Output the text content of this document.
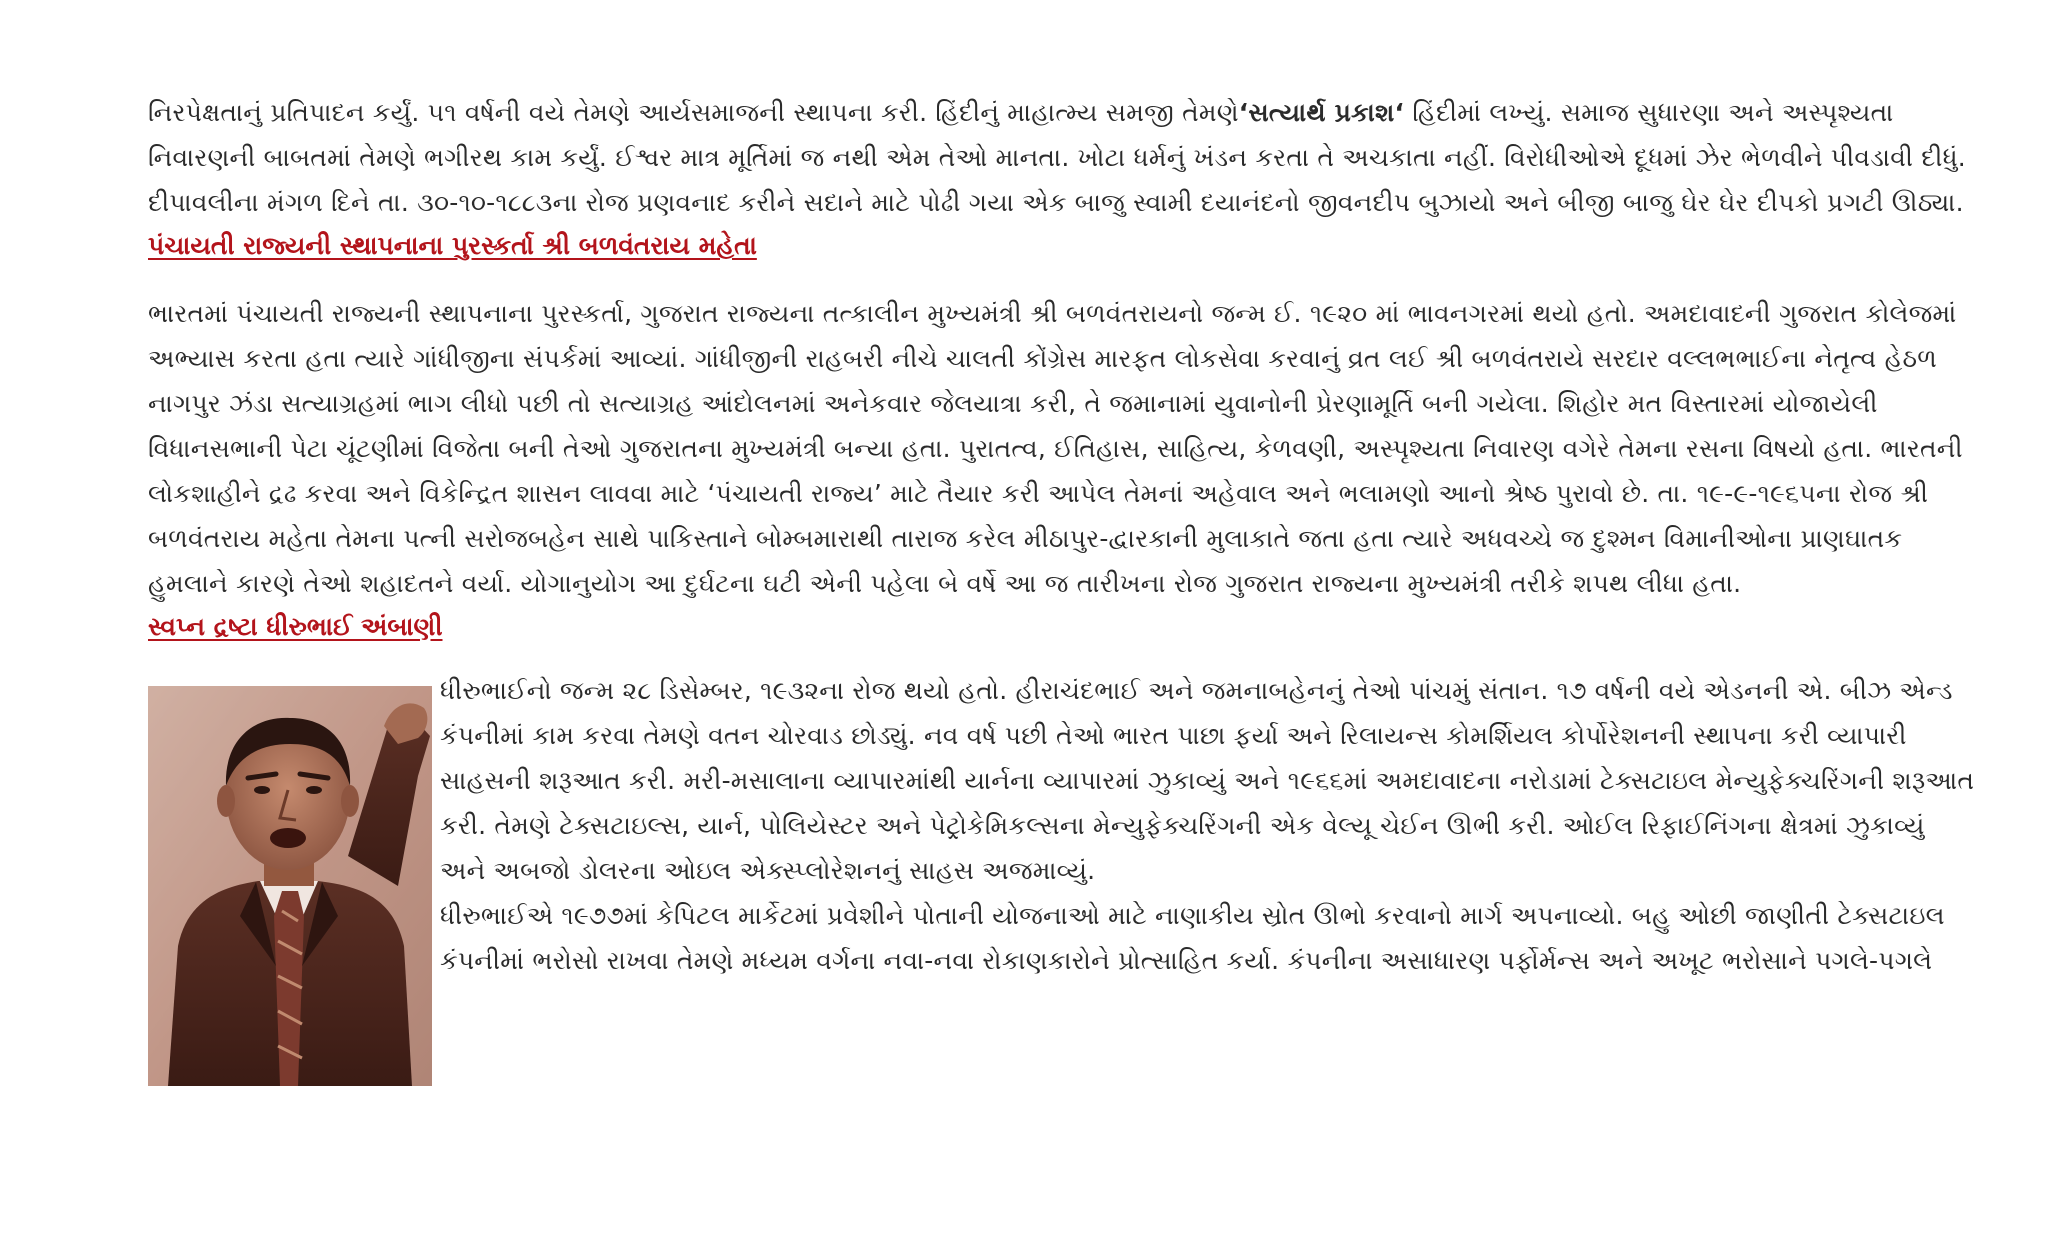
નિરપેક્ષતાનું પ્રતિપાદન કર્યું. ૫૧ વર્ષની વયે તેમણે આર્યસમાજની સ્થાપના કરી. હિંદીનું માહાત્મ્ય સમજી તેમણે‘સત્યાર્થ પ્રકાશ‘ હિંદીમાં લખ્યું. સમાજ સુધારણા અને અસ્પૃશ્યતા નિવારણની બાબતમાં તેમણે ભગીરથ કામ કર્યું. ઈશ્વર માત્ર મૂર્તિમાં જ નથી એમ તેઓ માનતા. ખોટા ધર્મનું ખંડન કરતા તે અચકાતા નહીં. વિરોધીઓએ દૂધમાં ઝેર ભેળવીને પીવડાવી દીધું. દીપાવલીના મંગળ દિને તા. ૩૦-૧૦-૧૮૮૩ના રોજ પ્રણવનાદ કરીને સદાને માટે પોઢી ગયા એક બાજુ સ્વામી દયાનંદનો જીવનદીપ બુઝાયો અને બીજી બાજુ ઘેર ઘેર દીપકો પ્રગટી ઊઠ્યા.

પંચાયતી રાજ્યની સ્થાપનાના પુરસ્કર્તા શ્રી બળવંતરાય મહેતા

ભારતમાં પંચાયતી રાજ્યની સ્થાપનાના પુરસ્કર્તા, ગુજરાત રાજ્યના તત્કાલીન મુખ્યમંત્રી શ્રી બળવંતરાયનો જન્મ ઈ. ૧૯૨૦ માં ભાવનગરમાં થયો હતો. અમદાવાદની ગુજરાત કોલેજમાં અભ્યાસ કરતા હતા ત્યારે ગાંધીજીના સંપર્કમાં આવ્યાં. ગાંધીજીની રાહબરી નીચે ચાલતી કોંગ્રેસ મારફત લોકસેવા કરવાનું વ્રત લઈ શ્રી બળવંતરાયે સરદાર વલ્લભભાઈના નેતૃત્વ હેઠળ નાગપુર ઝંડા સત્યાગ્રહમાં ભાગ લીધો પછી તો સત્યાગ્રહ આંદોલનમાં અનેકવાર જેલયાત્રા કરી, તે જમાનામાં યુવાનોની પ્રેરણામૂર્તિ બની ગયેલા. શિહોર મત વિસ્તારમાં યોજાયેલી વિધાનસભાની પેટા ચૂંટણીમાં વિજેતા બની તેઓ ગુજરાતના મુખ્યમંત્રી બન્યા હતા. પુરાતત્વ, ઈતિહાસ, સાહિત્ય, કેળવણી, અસ્પૃશ્યતા નિવારણ વગેરે તેમના રસના વિષયો હતા. ભારતની લોકશાહીને દ્રઢ કરવા અને વિકેન્દ્રિત શાસન લાવવા માટે ‘પંચાયતી રાજ્ય’ માટે તૈયાર કરી આપેલ તેમનાં અહેવાલ અને ભલામણો આનો શ્રેષ્ઠ પુરાવો છે. તા. ૧૯-૯-૧૯૬૫ના રોજ શ્રી બળવંતરાય મહેતા તેમના પત્ની સરોજબહેન સાથે પાકિસ્તાને બોમ્બમારાથી તારાજ કરેલ મીઠાપુર-દ્વારકાની મુલાકાતે જતા હતા ત્યારે અધવચ્ચે જ દુશ્મન વિમાનીઓના પ્રાણઘાતક હુમલાને કારણે તેઓ શહાદતને વર્યા. યોગાનુયોગ આ દુર્ઘટના ઘટી એની પહેલા બે વર્ષે આ જ તારીખના રોજ ગુજરાત રાજ્યના મુખ્યમંત્રી તરીકે શપથ લીધા હતા.

સ્વપ્ન દ્રષ્ટા ધીરુભાઈ અંબાણી

ધીરુભાઈનો જન્મ ૨૮ ડિસેમ્બર, ૧૯૩૨ના રોજ થયો હતો. હીરાચંદભાઈ અને જમનાબહેનનું તેઓ પાંચમું સંતાન. ૧૭ વર્ષની વયે એડનની એ. બીઝ એન્ડ કંપનીમાં કામ કરવા તેમણે વતન ચોરવાડ છોડ્યું. નવ વર્ષ પછી તેઓ ભારત પાછા ફર્યા અને રિલાયન્સ કોમર્શિયલ કોર્પોરેશનની સ્થાપના કરી વ્યાપારી સાહસની શરૂઆત કરી. મરી-મસાલાના વ્યાપારમાંથી યાર્નના વ્યાપારમાં ઝુકાવ્યું અને ૧૯૬૬માં અમદાવાદના નરોડામાં ટેક્સટાઇલ મેન્યુફેક્ચરિંગની શરૂઆત કરી. તેમણે ટેક્સટાઇલ્સ, યાર્ન, પોલિયેસ્ટર અને પેટ્રોકેમિકલ્સના મેન્યુફેક્ચરિંગની એક વેલ્યૂ ચેઈન ઊભી કરી. ઓઈલ રિફાઈનિંગના ક્ષેત્રમાં ઝુકાવ્યું અને અબજો ડોલરના ઓઇલ એક્સ્પ્લોરેશનનું સાહસ અજમાવ્યું.

ધીરુભાઈએ ૧૯૭૭માં કેપિટલ માર્કેટમાં પ્રવેશીને પોતાની યોજનાઓ માટે નાણાકીય સ્રોત ઊભો કરવાનો માર્ગ અપનાવ્યો. બહુ ઓછી જાણીતી ટેક્સટાઇલ કંપનીમાં ભરોસો રાખવા તેમણે મધ્યમ વર્ગના નવા-નવા રોકાણકારોને પ્રોત્સાહિત કર્યા. કંપનીના અસાધારણ પર્ફોર્મન્સ અને અખૂટ ભરોસાને પગલે-પગલે
